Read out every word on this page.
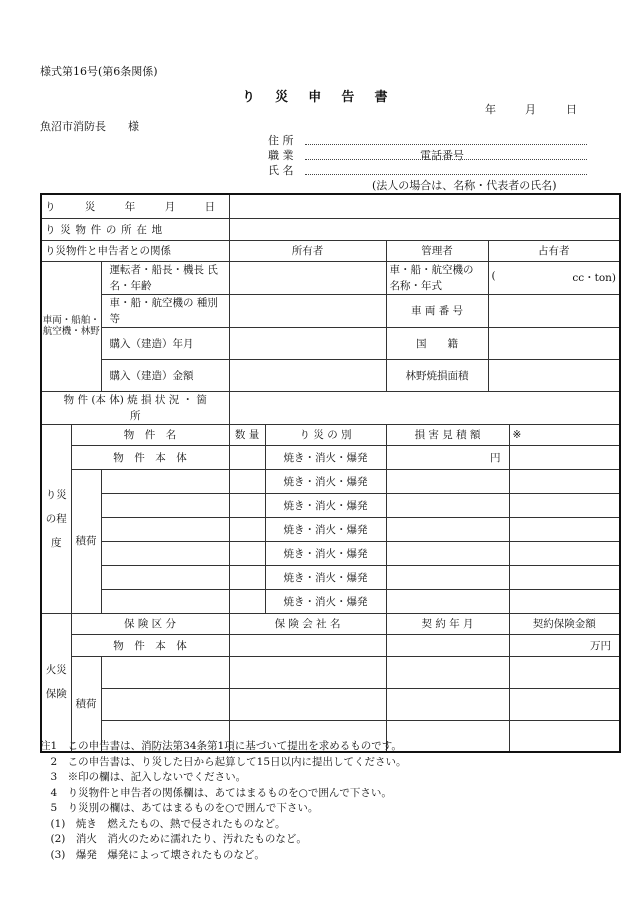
様式第16号(第6条関係)
り 災 申 告 書
年	月	日
魚沼市消防長　　様
住 所
職 業	電話番号
氏 名
(法人の場合は、名称・代表者の氏名)
り　災　年　月　日							
り災物件の所在地							
り災物件と申告者との関係			所有者		管理者	占有者	
車両・船舶・航空機・林野		運転者・船長・機長 氏名・年齢			車・船・航空機の 名称・年式	( cc・ton)	

		車・船・航空機の 種別等			車 両 番 号		
		購入（建造）年月			国　　籍		
		購入（建造）金額			林野焼損面積		
物 件 (本 体) 焼 損 状 況 ・ 箇 所							
り災の程度	物　件　名		数 量	り 災 の 別	損 害 見 積 額		※
	物　件　本　体			焼き・消火・爆発	円		
	積荷			焼き・消火・爆発			
				焼き・消火・爆発			
				焼き・消火・爆発			
				焼き・消火・爆発			
				焼き・消火・爆発			
				焼き・消火・爆発			
火災保険	保 険 区 分		保 険 会 社 名		契 約 年 月		契約保険金額
	物　件　本　体						万円
	積荷						

注1　この申告書は、消防法第34条第1項に基づいて提出を求めるものです。
　2　この申告書は、り災した日から起算して15日以内に提出してください。
　3　※印の欄は、記入しないでください。
　4　り災物件と申告者の関係欄は、あてはまるものを○で囲んで下さい。
　5　り災別の欄は、あてはまるものを○で囲んで下さい。
　(1)　焼き　燃えたもの、熱で侵されたものなど。
　(2)　消火　消火のために濡れたり、汚れたものなど。
　(3)　爆発　爆発によって壊されたものなど。
